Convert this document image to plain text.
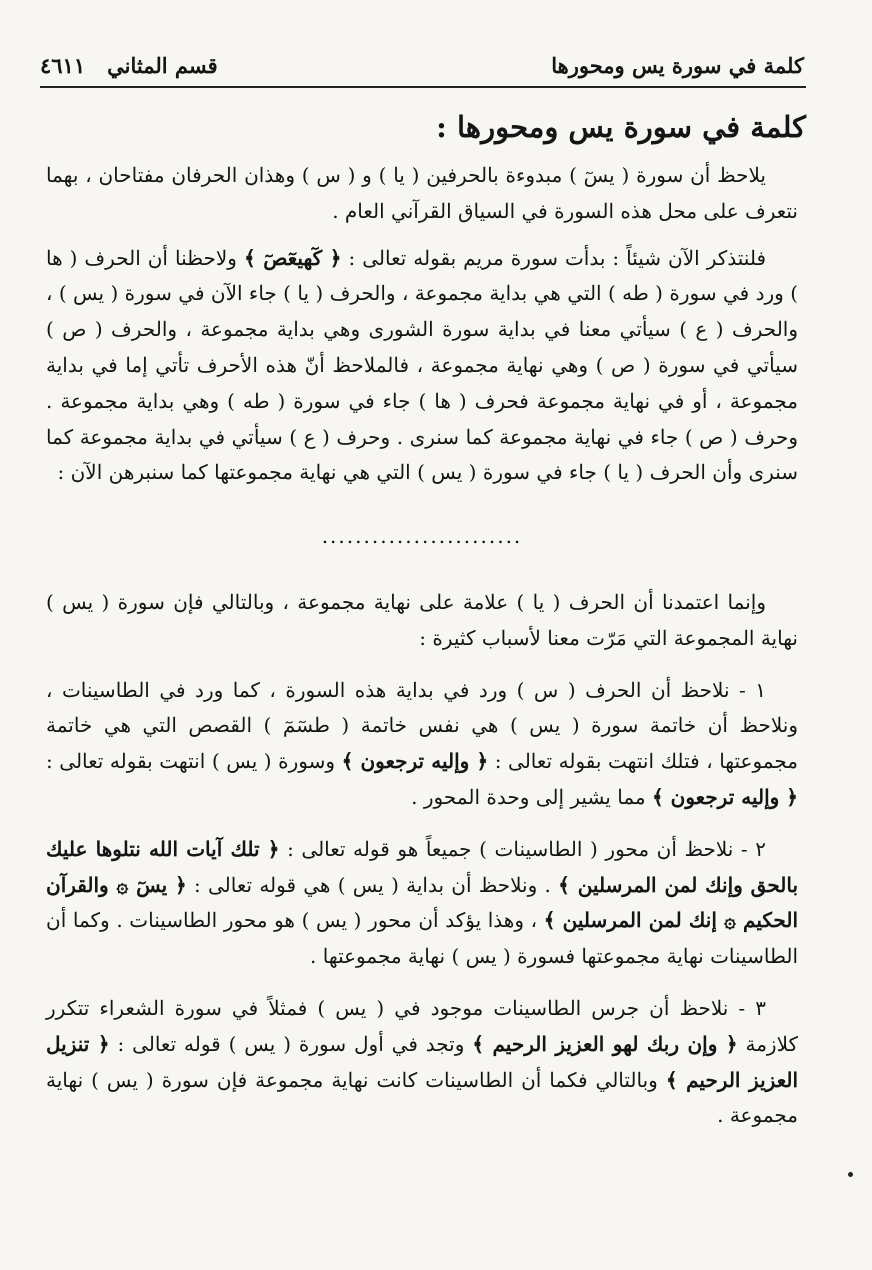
كلمة في سورة يس ومحورها
قسم المثاني
٤٦١١
كلمة في سورة يس ومحورها :

يلاحظ أن سورة ( يسٓ ) مبدوءة بالحرفين ( يا ) و ( س ) وهذان الحرفان مفتاحان ، بهما نتعرف على محل هذه السورة في السياق القرآني العام .

فلنتذكر الآن شيئاً : بدأت سورة مريم بقوله تعالى : ﴿ كٓهيعٓصٓ ﴾ ولاحظنا أن الحرف ( ها ) ورد في سورة ( طه ) التي هي بداية مجموعة ، والحرف ( يا ) جاء الآن في سورة ( يس ) ، والحرف ( ع ) سيأتي معنا في بداية سورة الشورى وهي بداية مجموعة ، والحرف ( ص ) سيأتي في سورة ( ص ) وهي نهاية مجموعة ، فالملاحظ أنّ هذه الأحرف تأتي إما في بداية مجموعة ، أو في نهاية مجموعة فحرف ( ها ) جاء في سورة ( طه ) وهي بداية مجموعة . وحرف ( ص ) جاء في نهاية مجموعة كما سنرى . وحرف ( ع ) سيأتي في بداية مجموعة كما سنرى وأن الحرف ( يا ) جاء في سورة ( يس ) التي هي نهاية مجموعتها كما سنبرهن الآن :

........................

وإنما اعتمدنا أن الحرف ( يا ) علامة على نهاية مجموعة ، وبالتالي فإن سورة ( يس ) نهاية المجموعة التي مَرّت معنا لأسباب كثيرة :

١ - نلاحظ أن الحرف ( س ) ورد في بداية هذه السورة ، كما ورد في الطاسينات ، ونلاحظ أن خاتمة سورة ( يس ) هي نفس خاتمة ( طسٓمٓ ) القصص التي هي خاتمة مجموعتها ، فتلك انتهت بقوله تعالى : ﴿ وإليه ترجعون ﴾ وسورة ( يس ) انتهت بقوله تعالى : ﴿ وإليه ترجعون ﴾ مما يشير إلى وحدة المحور .

٢ - نلاحظ أن محور ( الطاسينات ) جميعاً هو قوله تعالى : ﴿ تلك آيات الله نتلوها عليك بالحق وإنك لمن المرسلين ﴾ . ونلاحظ أن بداية ( يس ) هي قوله تعالى : ﴿ يسٓ ۞ والقرآن الحكيم ۞ إنك لمن المرسلين ﴾ ، وهذا يؤكد أن محور ( يس ) هو محور الطاسينات . وكما أن الطاسينات نهاية مجموعتها فسورة ( يس ) نهاية مجموعتها .

٣ - نلاحظ أن جرس الطاسينات موجود في ( يس ) فمثلاً في سورة الشعراء تتكرر كلازمة ﴿ وإن ربك لهو العزيز الرحيم ﴾ وتجد في أول سورة ( يس ) قوله تعالى : ﴿ تنزيل العزيز الرحيم ﴾ وبالتالي فكما أن الطاسينات كانت نهاية مجموعة فإن سورة ( يس ) نهاية مجموعة .
